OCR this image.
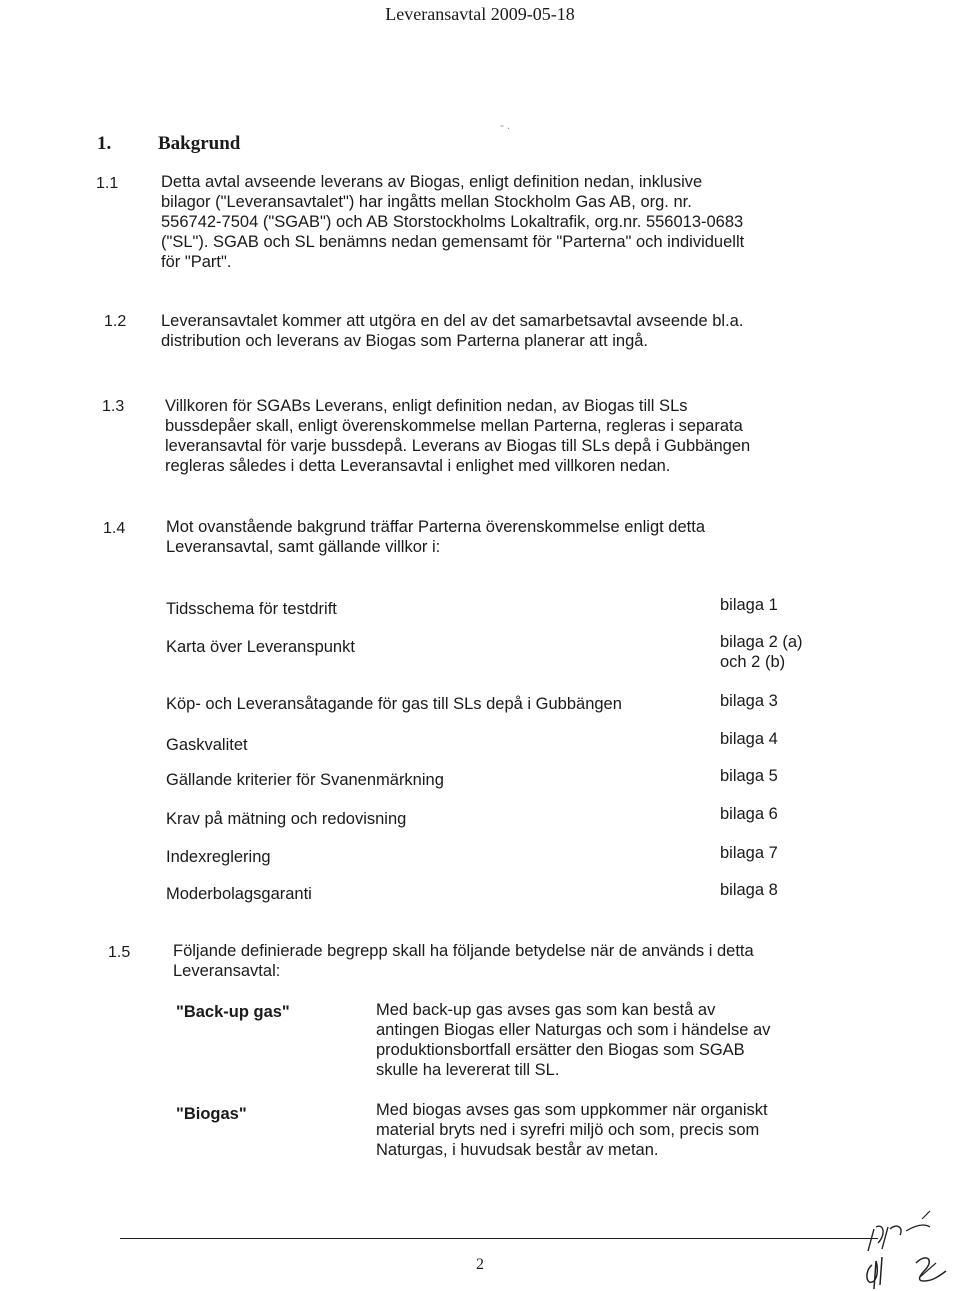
Leveransavtal 2009-05-18
- .
1. Bakgrund
1.1	Detta avtal avseende leverans av Biogas, enligt definition nedan, inklusive
bilagor ("Leveransavtalet") har ingåtts mellan Stockholm Gas AB, org. nr.
556742-7504 ("SGAB") och AB Storstockholms Lokaltrafik, org.nr. 556013-0683
("SL"). SGAB och SL benämns nedan gemensamt för "Parterna" och individuellt
för "Part".
1.2 Leveransavtalet kommer att utgöra en del av det samarbetsavtal avseende bl.a.
distribution och leverans av Biogas som Parterna planerar att ingå.
1.3 Villkoren för SGABs Leverans, enligt definition nedan, av Biogas till SLs
bussdepåer skall, enligt överenskommelse mellan Parterna, regleras i separata
leveransavtal för varje bussdepå. Leverans av Biogas till SLs depå i Gubbängen
regleras således i detta Leveransavtal i enlighet med villkoren nedan.
1.4 Mot ovanstående bakgrund träffar Parterna överenskommelse enligt detta
Leveransavtal, samt gällande villkor i:
Tidsschema för testdrift	bilaga 1
Karta över Leveranspunkt	bilaga 2 (a)
och 2 (b)
Köp- och Leveransåtagande för gas till SLs depå i Gubbängen	bilaga 3
Gaskvalitet	bilaga 4
Gällande kriterier för Svanenmärkning	bilaga 5
Krav på mätning och redovisning	bilaga 6
Indexreglering	bilaga 7
Moderbolagsgaranti	bilaga 8
1.5	Följande definierade begrepp skall ha följande betydelse när de används i detta
Leveransavtal:
"Back-up gas"	Med back-up gas avses gas som kan bestå av
antingen Biogas eller Naturgas och som i händelse av
produktionsbortfall ersätter den Biogas som SGAB
skulle ha levererat till SL.
"Biogas"	Med biogas avses gas som uppkommer när organiskt
material bryts ned i syrefri miljö och som, precis som
Naturgas, i huvudsak består av metan.
2
